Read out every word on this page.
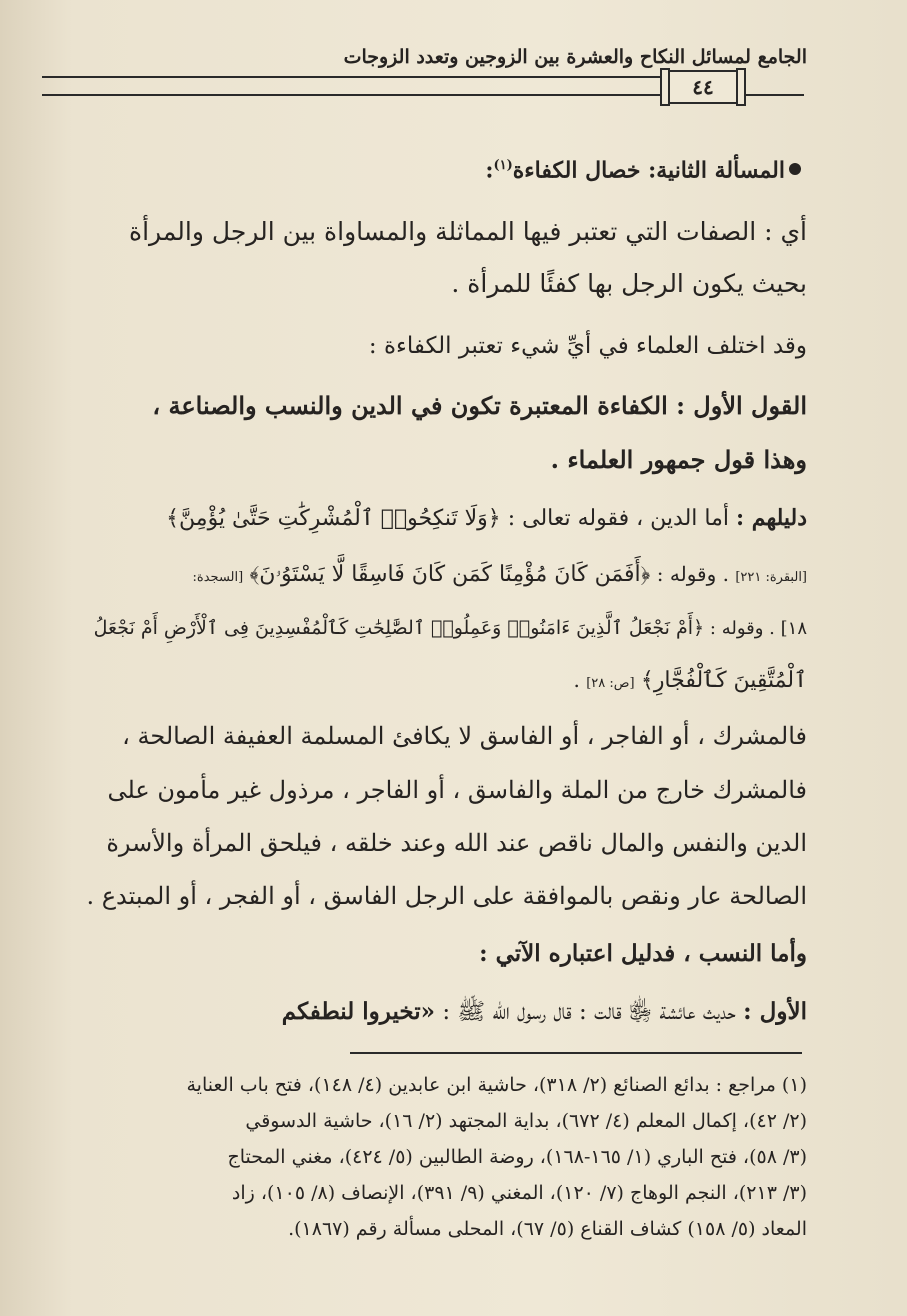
الجامع لمسائل النكاح والعشرة بين الزوجين وتعدد الزوجات
٤٤
المسألة الثانية: خصال الكفاءة$^{(١)}$:
أي : الصفات التي تعتبر فيها المماثلة والمساواة بين الرجل والمرأة
بحيث يكون الرجل بها كفئًا للمرأة .
وقد اختلف العلماء في أيِّ شيء تعتبر الكفاءة :
القول الأول : الكفاءة المعتبرة تكون في الدين والنسب والصناعة ،
وهذا قول جمهور العلماء .
دليلهم : أما الدين ، فقوله تعالى : ﴿وَلَا تَنكِحُوا۟ ٱلْمُشْرِكَٰتِ حَتَّىٰ يُؤْمِنَّ﴾
[البقرة: ٢٢١] . وقوله : ﴿أَفَمَن كَانَ مُؤْمِنًا كَمَن كَانَ فَاسِقًا لَّا يَسْتَوُۥنَ﴾ [السجدة:
١٨] . وقوله : ﴿أَمْ نَجْعَلُ ٱلَّذِينَ ءَامَنُوا۟ وَعَمِلُوا۟ ٱلصَّٰلِحَٰتِ كَٱلْمُفْسِدِينَ فِى ٱلْأَرْضِ أَمْ نَجْعَلُ
ٱلْمُتَّقِينَ كَٱلْفُجَّارِ﴾ [ص: ٢٨] .
فالمشرك ، أو الفاجر ، أو الفاسق لا يكافئ المسلمة العفيفة الصالحة ،
فالمشرك خارج من الملة والفاسق ، أو الفاجر ، مرذول غير مأمون على
الدين والنفس والمال ناقص عند الله وعند خلقه ، فيلحق المرأة والأسرة
الصالحة عار ونقص بالموافقة على الرجل الفاسق ، أو الفجر ، أو المبتدع .
وأما النسب ، فدليل اعتباره الآتي :
الأول : حديث عائشة ﵂ قالت : قال رسول الله ﷺ : «تخيروا لنطفكم
(١) مراجع : بدائع الصنائع (٢/ ٣١٨)، حاشية ابن عابدين (٤/ ١٤٨)، فتح باب العناية
(٢/ ٤٢)، إكمال المعلم (٤/ ٦٧٢)، بداية المجتهد (٢/ ١٦)، حاشية الدسوقي
(٣/ ٥٨)، فتح الباري (١/ ١٦٥-١٦٨)، روضة الطالبين (٥/ ٤٢٤)، مغني المحتاج
(٣/ ٢١٣)، النجم الوهاج (٧/ ١٢٠)، المغني (٩/ ٣٩١)، الإنصاف (٨/ ١٠٥)، زاد
المعاد (٥/ ١٥٨) كشاف القناع (٥/ ٦٧)، المحلى مسألة رقم (١٨٦٧).
